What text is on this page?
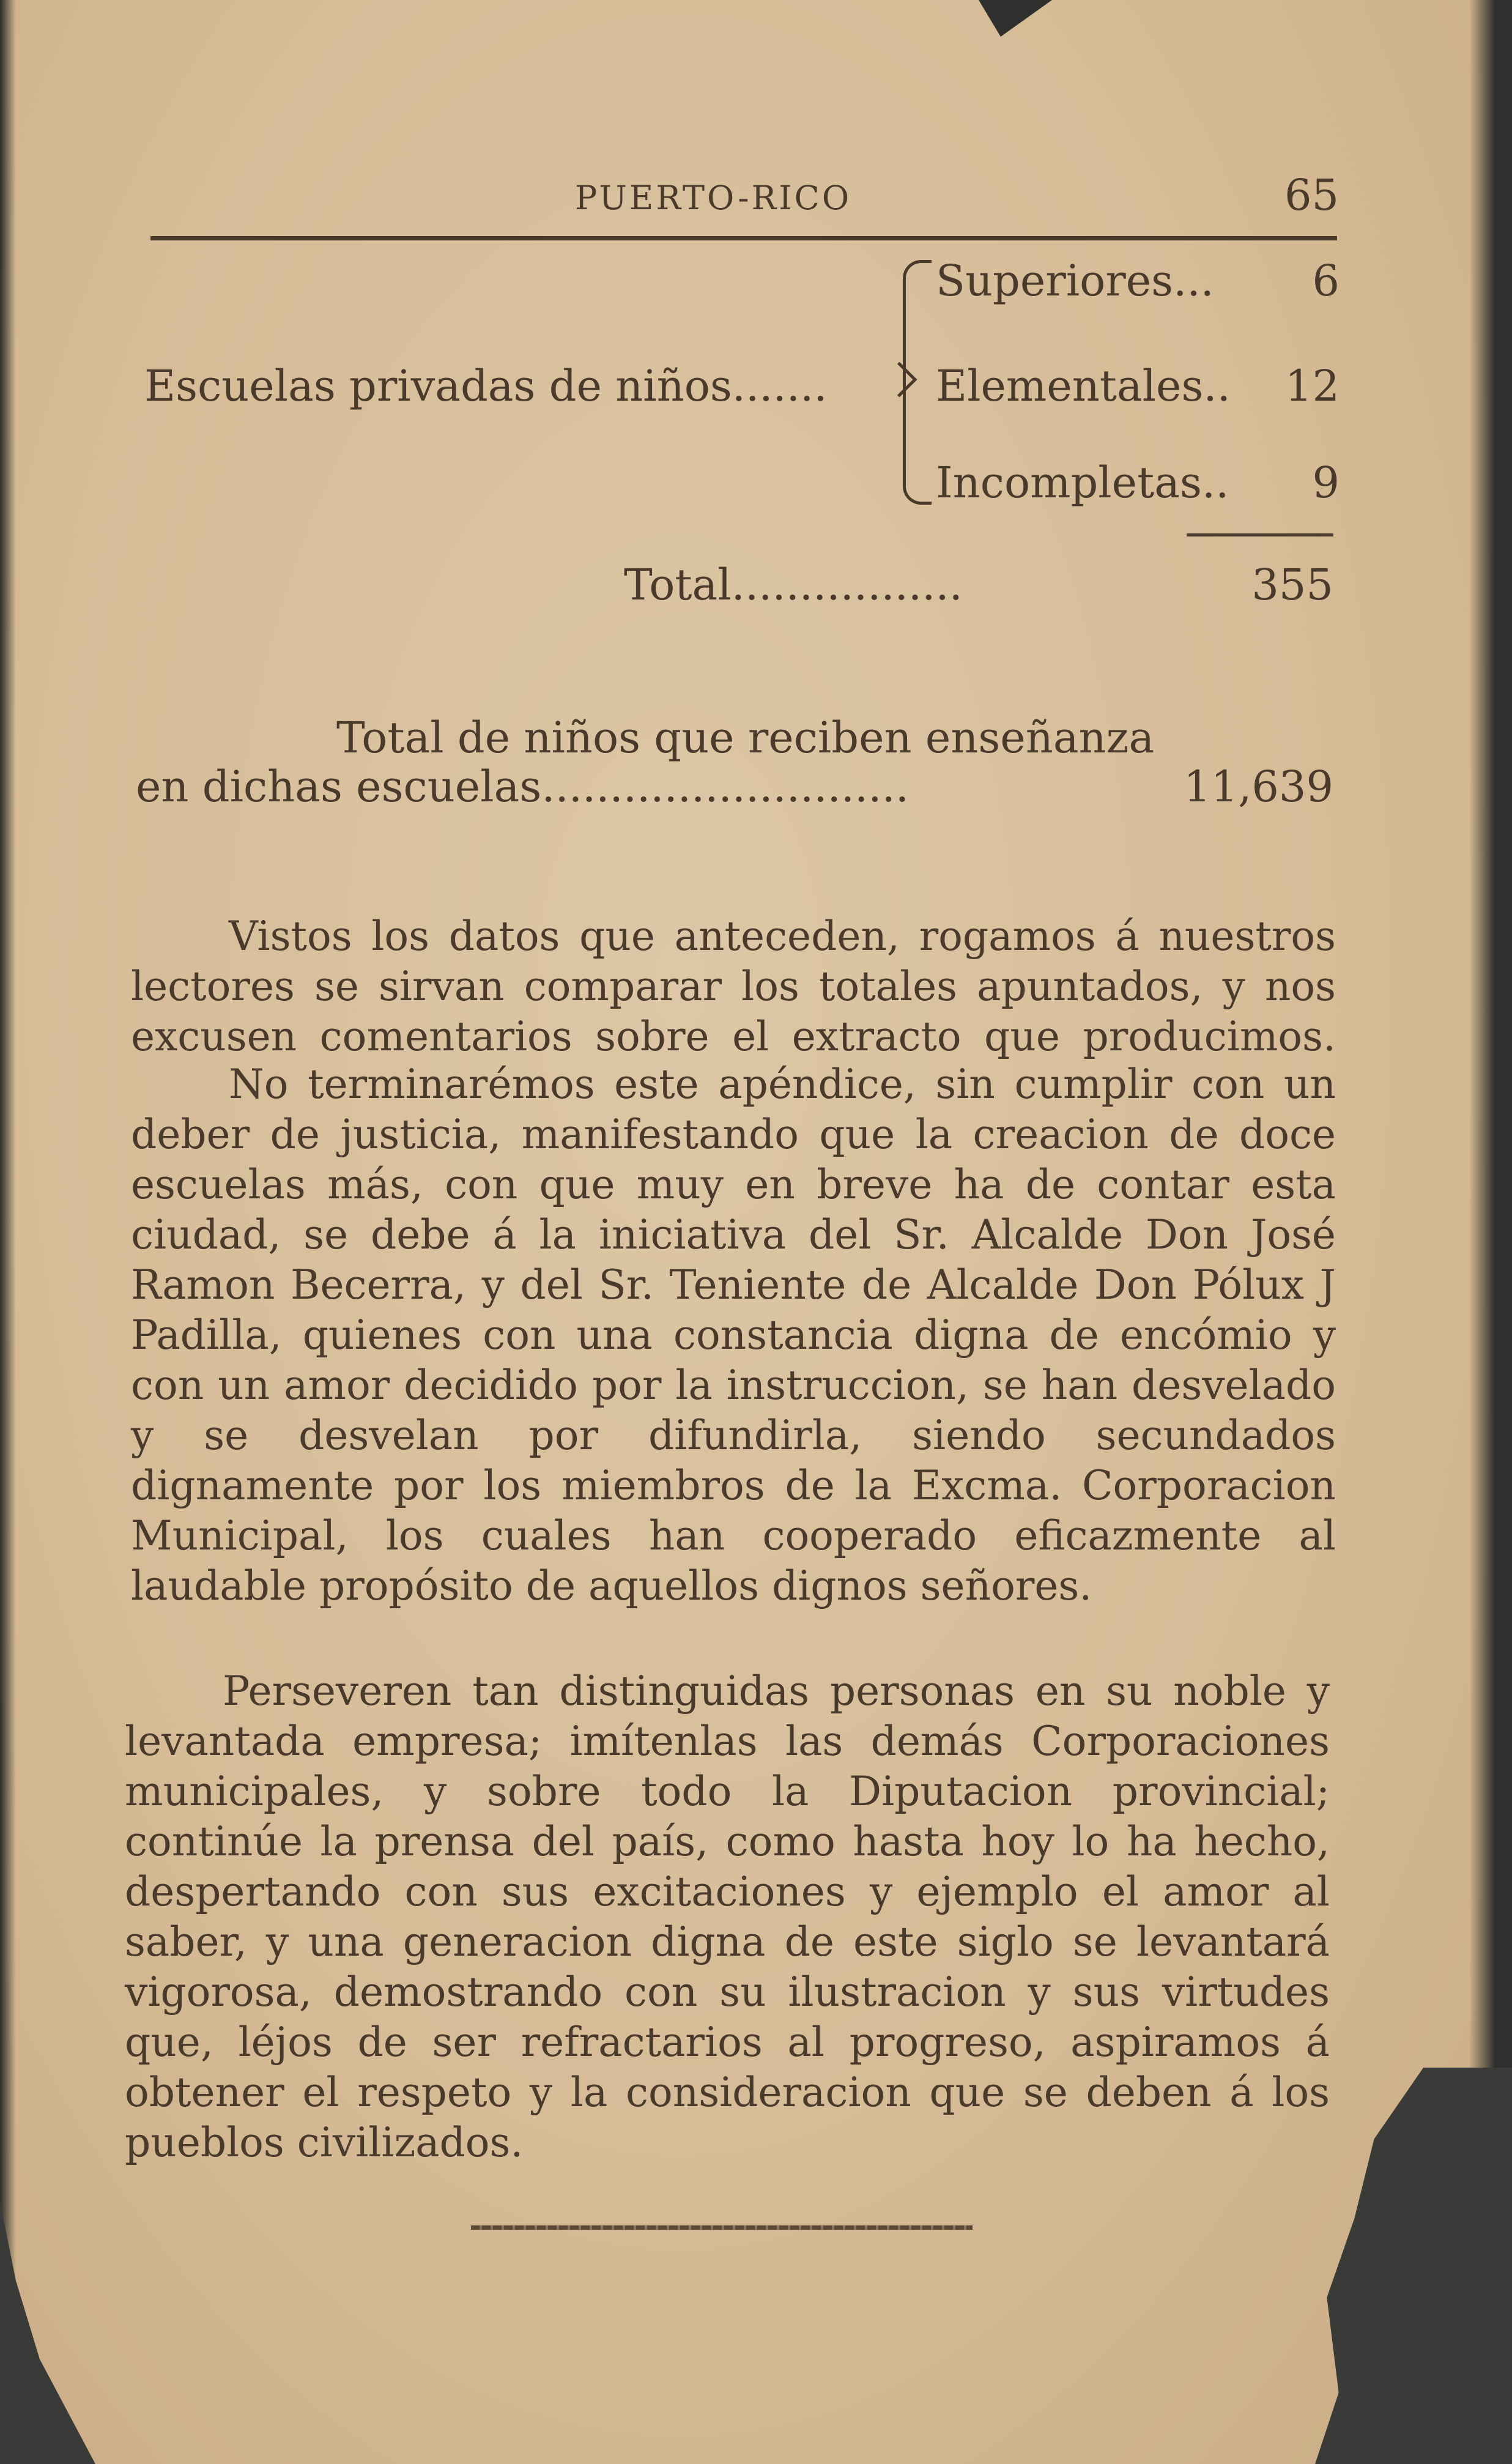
PUERTO-RICO	65
Escuelas privadas de niños.......
Superiores...	6
Elementales..	12
Incompletas..	9
Total.................	355
Total de niños que reciben enseñanza
en dichas escuelas...........................	11,639
Vistos los datos que anteceden, rogamos á nuestros lectores se sirvan comparar los totales apuntados, y nos excusen comentarios sobre el extracto que producimos.
No terminarémos este apéndice, sin cumplir con un deber de justicia, manifestando que la creacion de doce escuelas más, con que muy en breve ha de contar esta ciudad, se debe á la iniciativa del Sr. Alcalde Don José Ramon Becerra, y del Sr. Teniente de Alcalde Don Pólux J Padilla, quienes con una constancia digna de encómio y con un amor decidido por la instruccion, se han desvelado y se desvelan por difundirla, siendo secundados dignamente por los miembros de la Excma. Corporacion Municipal, los cuales han cooperado eficazmente al laudable propósito de aquellos dignos señores.
Perseveren tan distinguidas personas en su noble y levantada empresa; imítenlas las demás Corporaciones municipales, y sobre todo la Diputacion provincial; continúe la prensa del país, como hasta hoy lo ha hecho, despertando con sus excitaciones y ejemplo el amor al saber, y una generacion digna de este siglo se levantará vigorosa, demostrando con su ilustracion y sus virtudes que, léjos de ser refractarios al progreso, aspiramos á obtener el respeto y la consideracion que se deben á los pueblos civilizados.
